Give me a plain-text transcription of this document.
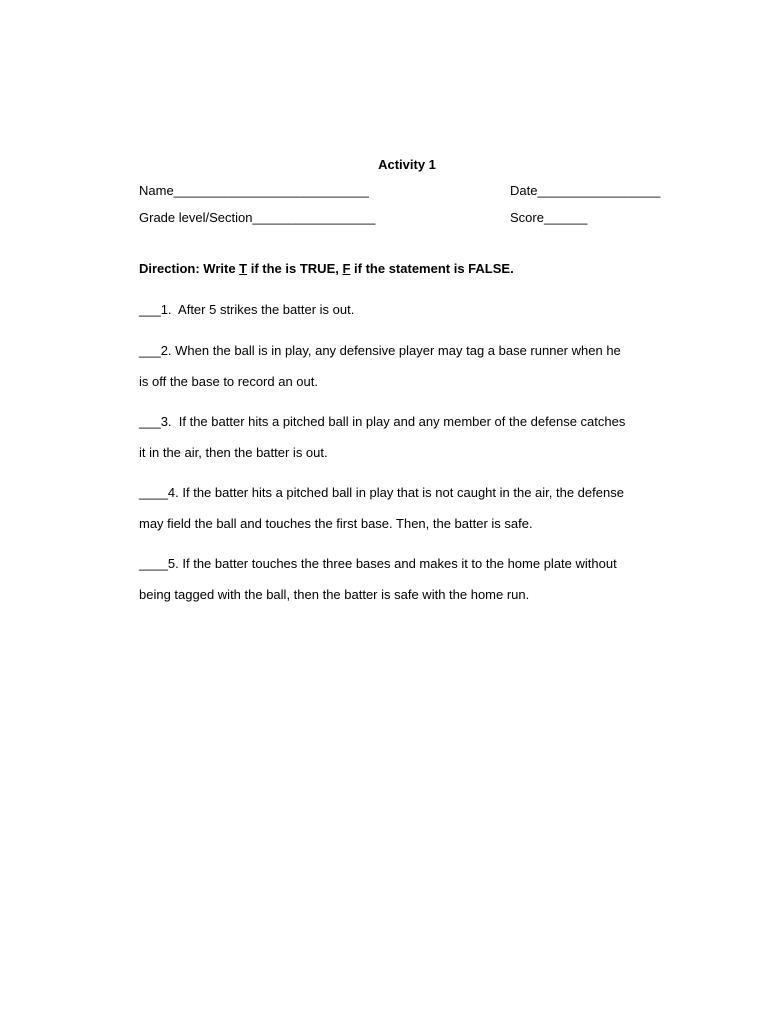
Activity 1
Name___________________________	Date_________________
Grade level/Section_________________	Score______
Direction: Write T if the is TRUE, F if the statement is FALSE.
___1.  After 5 strikes the batter is out.
___2. When the ball is in play, any defensive player may tag a base runner when he
is off the base to record an out.
___3.  If the batter hits a pitched ball in play and any member of the defense catches
it in the air, then the batter is out.
____4. If the batter hits a pitched ball in play that is not caught in the air, the defense
may field the ball and touches the first base. Then, the batter is safe.
____5. If the batter touches the three bases and makes it to the home plate without
being tagged with the ball, then the batter is safe with the home run.
